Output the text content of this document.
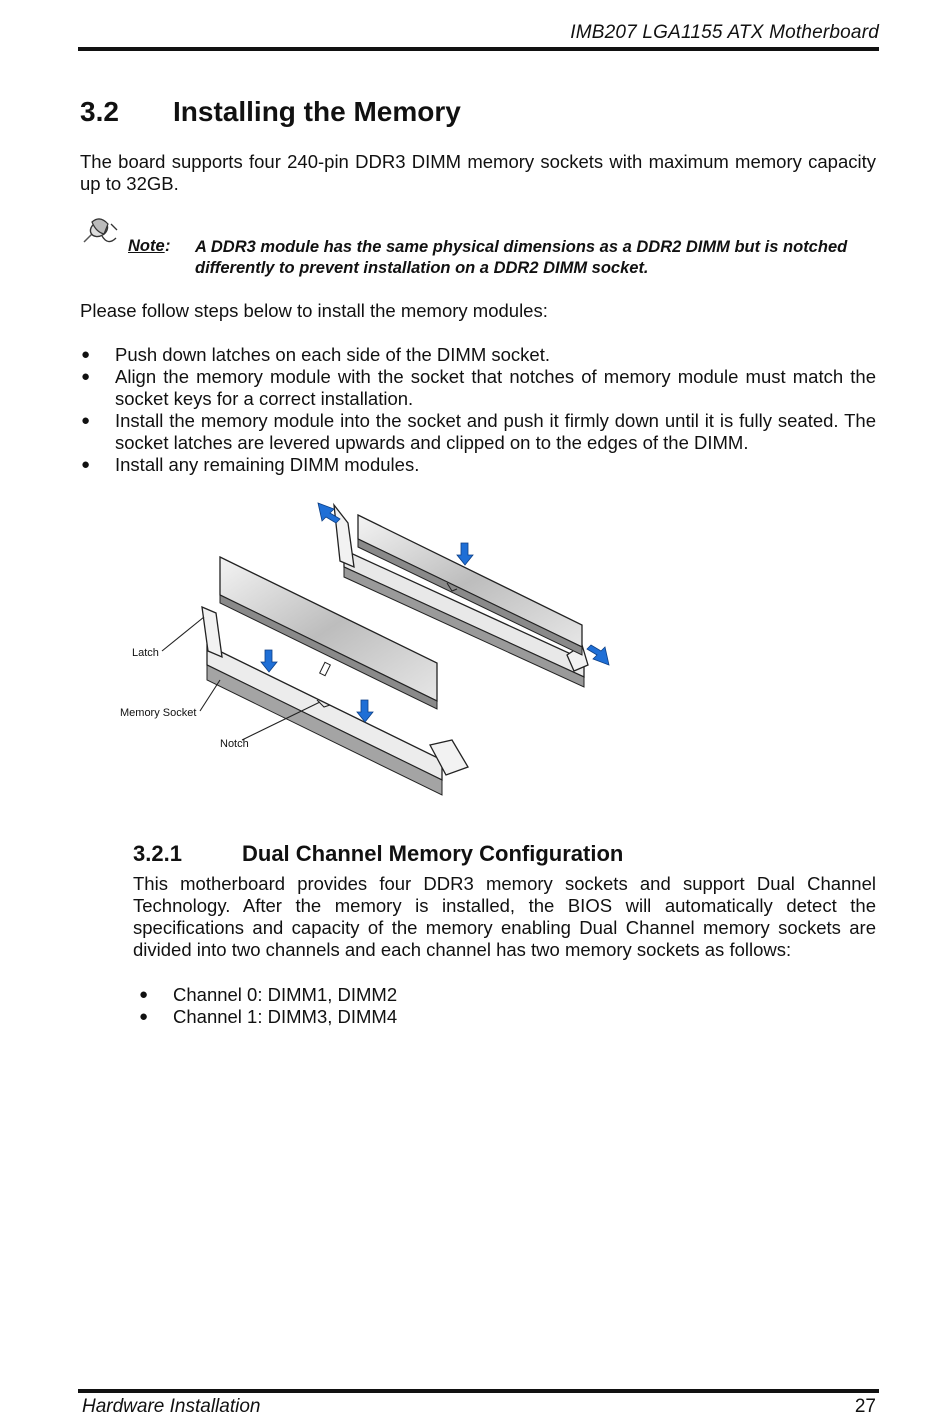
IMB207 LGA1155 ATX Motherboard
3.2 Installing the Memory
The board supports four 240-pin DDR3 DIMM memory sockets with maximum memory capacity up to 32GB.
Note : A DDR3 module has the same physical dimensions as a DDR2 DIMM but is notched differently to prevent installation on a DDR2 DIMM socket.
Please follow steps below to install the memory modules:
● Push down latches on each side of the DIMM socket.
● Align the memory module with the socket that notches of memory module must match the socket keys for a correct installation.
● Install the memory module into the socket and push it firmly down until it is fully seated. The socket latches are levered upwards and clipped on to the edges of the DIMM.
● Install any remaining DIMM modules.
Latch
Memory Socket
Notch
3.2.1	Dual Channel Memory Configuration
This motherboard provides four DDR3 memory sockets and support Dual Channel Technology. After the memory is installed, the BIOS will automatically detect the specifications and capacity of the memory enabling Dual Channel memory sockets are divided into two channels and each channel has two memory sockets as follows:
● Channel 0: DIMM1, DIMM2
● Channel 1: DIMM3, DIMM4
Hardware Installation	27
